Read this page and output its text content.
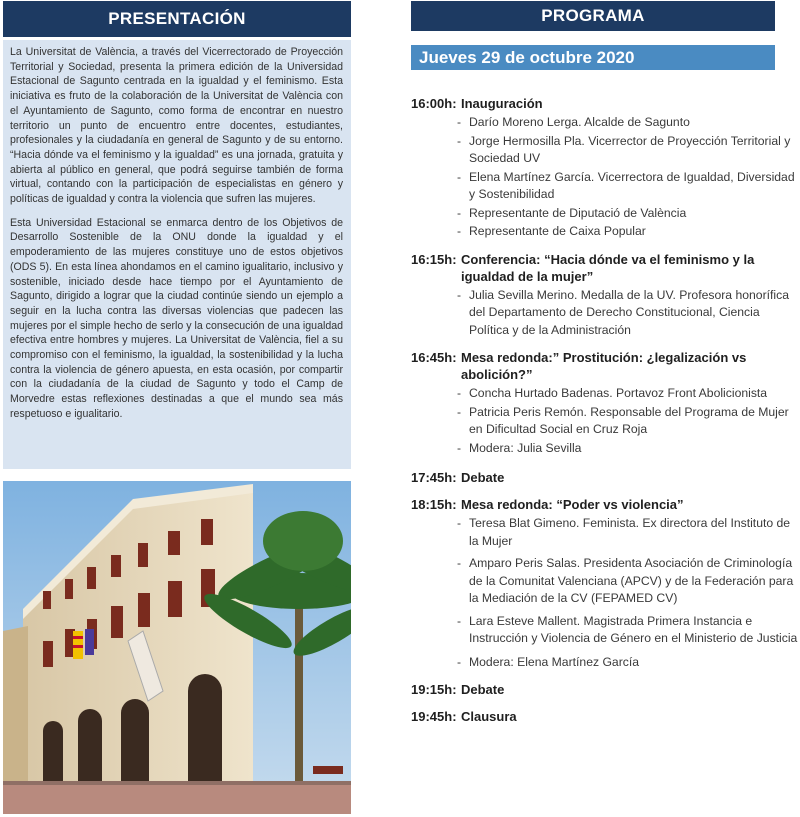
PRESENTACIÓN

La Universitat de València, a través del Vicerrectorado de Proyección Territorial y Sociedad, presenta la primera edición de la Universidad Estacional de Sagunto centrada en la igualdad y el feminismo. Esta iniciativa es fruto de la colaboración de la Universitat de València con el Ayuntamiento de Sagunto, como forma de encontrar en nuestro territorio un punto de encuentro entre docentes, estudiantes, profesionales y la ciudadanía en general de Sagunto y de su entorno. “Hacia dónde va el feminismo y la igualdad” es una jornada, gratuita y abierta al público en general, que podrá seguirse también de forma virtual, contando con la participación de especialistas en género y políticas de igualdad y contra la violencia que sufren las mujeres.

Esta Universidad Estacional se enmarca dentro de los Objetivos de Desarrollo Sostenible de la ONU donde la igualdad y el empoderamiento de las mujeres constituye uno de estos objetivos (ODS 5). En esta línea ahondamos en el camino igualitario, inclusivo y sostenible, iniciado desde hace tiempo por el Ayuntamiento de Sagunto, dirigido a lograr que la ciudad continúe siendo un ejemplo a seguir en la lucha contra las diversas violencias que padecen las mujeres por el simple hecho de serlo y la consecución de una igualdad efectiva entre hombres y mujeres. La Universitat de València, fiel a su compromiso con el feminismo, la igualdad, la sostenibilidad y la lucha contra la violencia de género apuesta, en esta ocasión, por compartir con la ciudadanía de la ciudad de Sagunto y todo el Camp de Morvedre estas reflexiones destinadas a que el mundo sea más respetuoso e igualitario.

PROGRAMA
Jueves 29 de octubre 2020
16:00h: Inauguración
- Darío Moreno Lerga. Alcalde de Sagunto
- Jorge Hermosilla Pla. Vicerrector de Proyección Territorial y Sociedad UV
- Elena Martínez García. Vicerrectora de Igualdad, Diversidad y Sostenibilidad
- Representante de Diputació de València
- Representante de Caixa Popular
16:15h: Conferencia: “Hacia dónde va el feminismo y la igualdad de la mujer”
- Julia Sevilla Merino. Medalla de la UV. Profesora honorífica del Departamento de Derecho Constitucional, Ciencia Política y de la Administración
16:45h: Mesa redonda:” Prostitución: ¿legalización vs abolición?”
- Concha Hurtado Badenas. Portavoz Front Abolicionista
- Patricia Peris Remón. Responsable del Programa de Mujer en Dificultad Social en Cruz Roja
- Modera: Julia Sevilla
17:45h: Debate
18:15h: Mesa redonda: “Poder vs violencia”
- Teresa Blat Gimeno. Feminista. Ex directora del Instituto de la Mujer
- Amparo Peris Salas. Presidenta Asociación de Criminología de la Comunitat Valenciana (APCV) y de la Federación para la Mediación de la CV (FEPAMED CV)
- Lara Esteve Mallent. Magistrada Primera Instancia e Instrucción y Violencia de Género en el Ministerio de Justicia
- Modera: Elena Martínez García
19:15h: Debate
19:45h: Clausura
